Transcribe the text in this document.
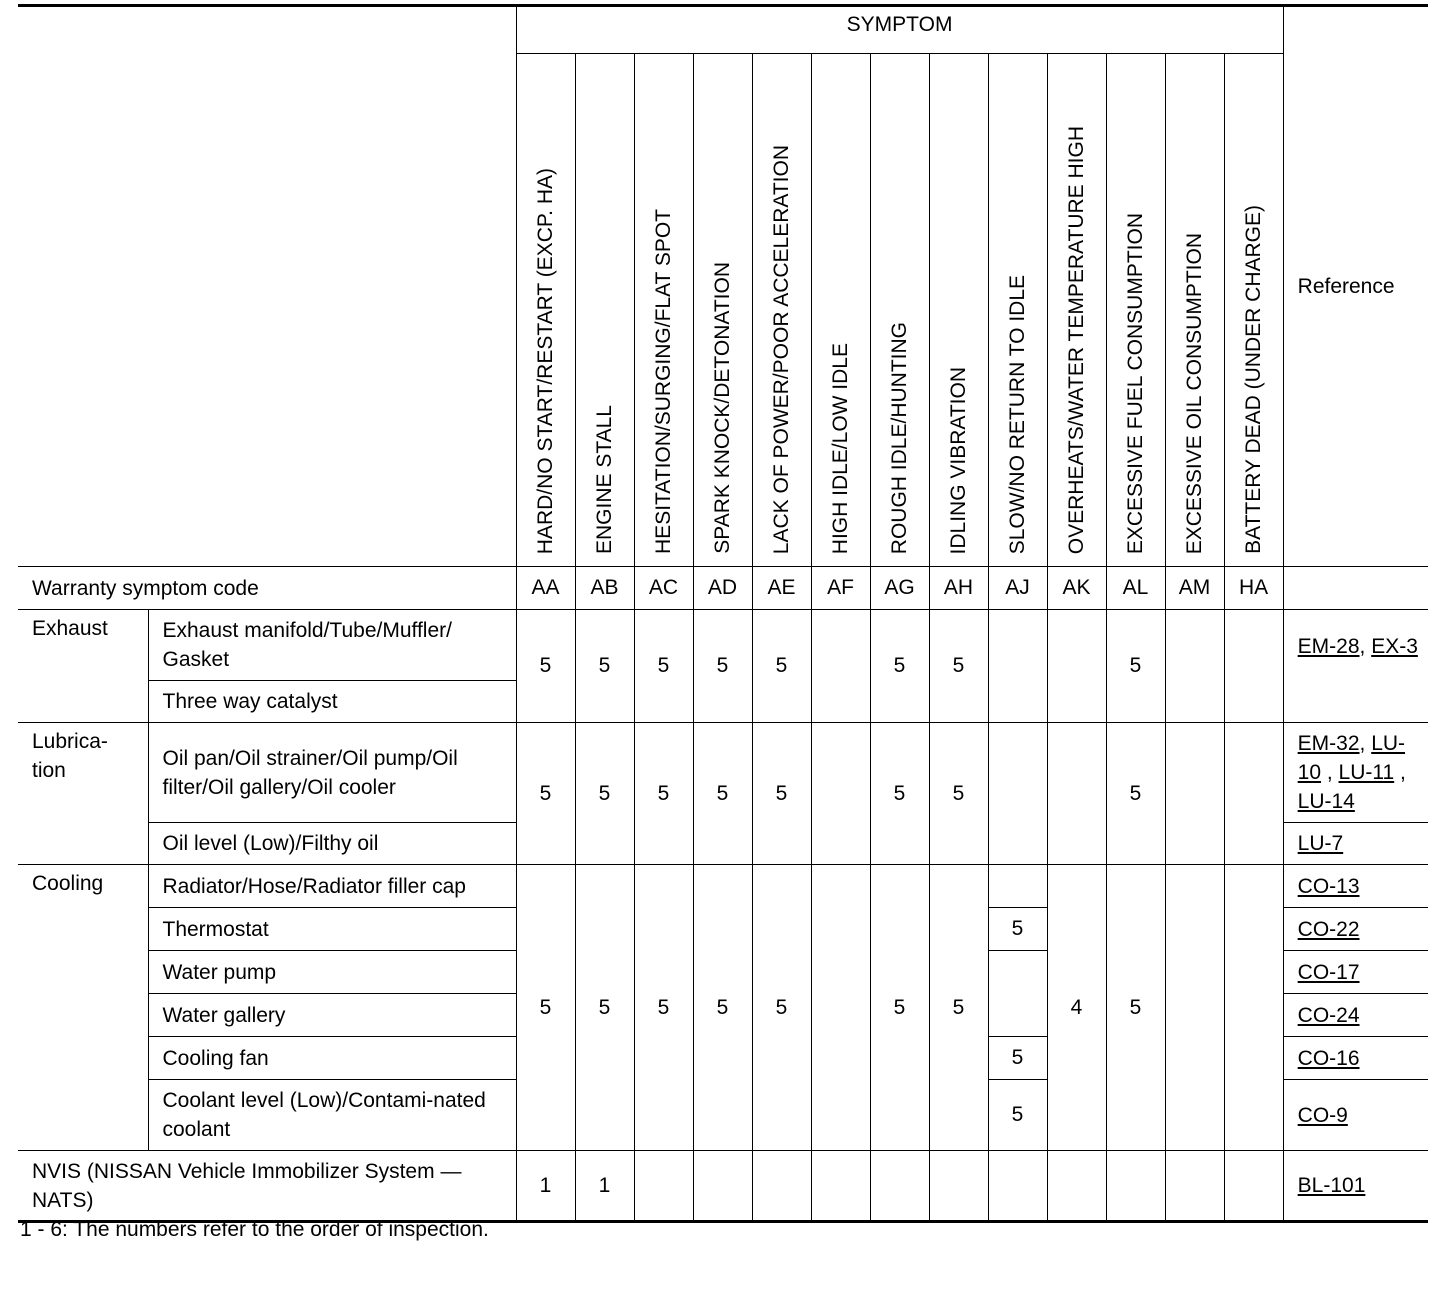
		SYMPTOM													Reference

		HARD/NO START/RESTART (EXCP. HA)	ENGINE STALL	HESITATION/SURGING/FLAT SPOT	SPARK KNOCK/DETONATION	LACK OF POWER/POOR ACCELERATION	HIGH IDLE/LOW IDLE	ROUGH IDLE/HUNTING	IDLING VIBRATION	SLOW/NO RETURN TO IDLE	OVERHEATS/WATER TEMPERATURE HIGH	EXCESSIVE FUEL CONSUMPTION	EXCESSIVE OIL CONSUMPTION	BATTERY DEAD (UNDER CHARGE)	

Warranty symptom code		AA	AB	AC	AD	AE	AF	AG	AH	AJ	AK	AL	AM	HA	
Exhaust	Exhaust manifold/Tube/Muffler/ Gasket	5	5	5	5	5		5	5			5			EM-28, EX-3
	Three way catalyst														
Lubrica-tion	Oil pan/Oil strainer/Oil pump/Oil filter/Oil gallery/Oil cooler	5	5	5	5	5		5	5			5			EM-32, LU-10 , LU-11 , LU-14
	Oil level (Low)/Filthy oil														LU-7
Cooling	Radiator/Hose/Radiator filler cap	5	5	5	5	5		5	5		4	5			CO-13
	Thermostat									5					CO-22
	Water pump														CO-17
	Water gallery														CO-24
	Cooling fan									5					CO-16
	Coolant level (Low)/Contami-nated coolant									5					CO-9
NVIS (NISSAN Vehicle Immobilizer System — NATS)		1	1												BL-101
1 - 6: The numbers refer to the order of inspection.
